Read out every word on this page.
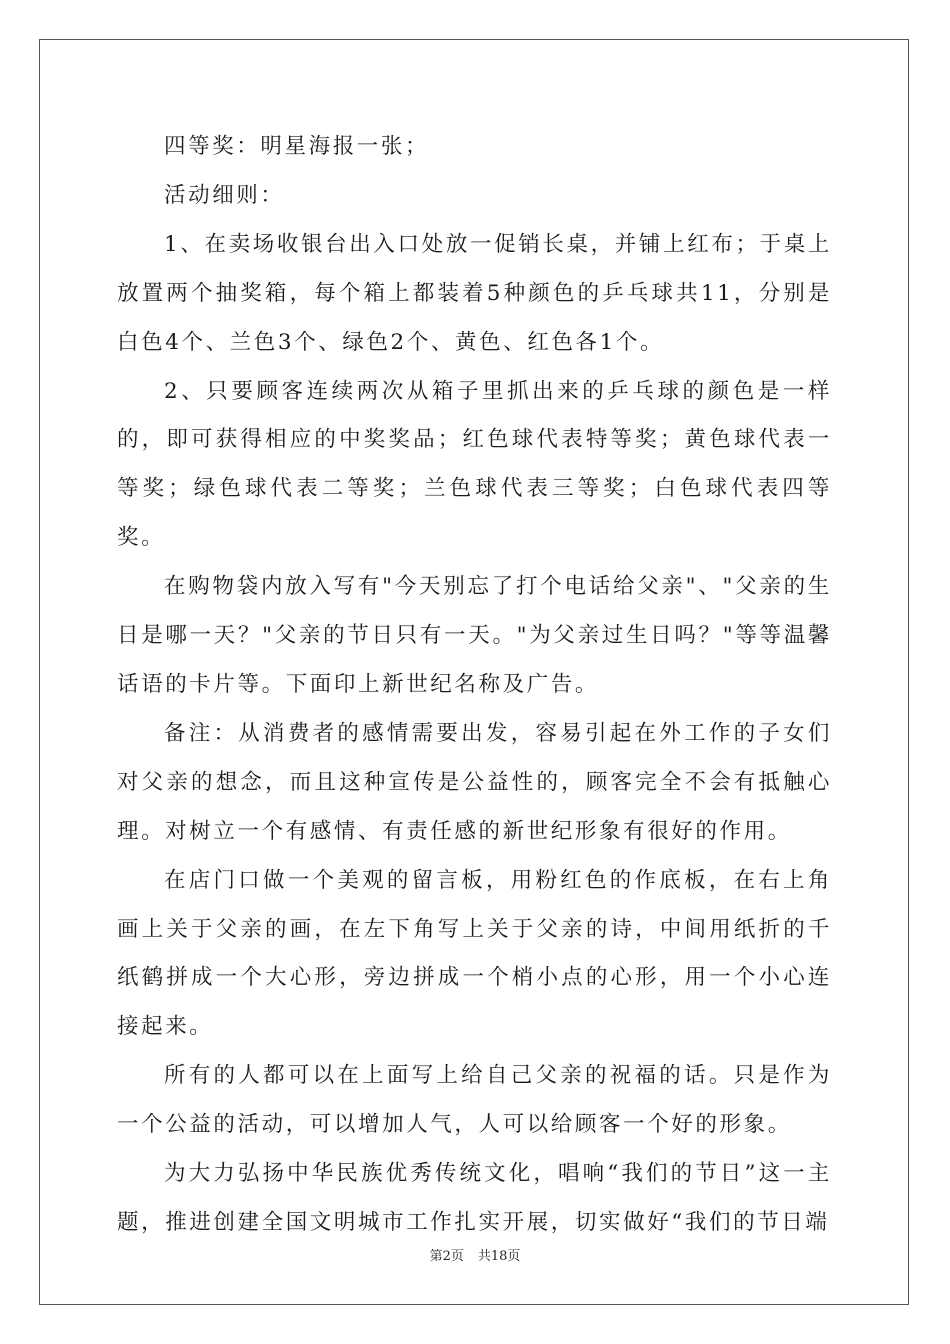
四等奖：明星海报一张；

活动细则：

1、在卖场收银台出入口处放一促销长桌，并铺上红布；于桌上放置两个抽奖箱，每个箱上都装着5种颜色的乒乓球共11，分别是白色4个、兰色3个、绿色2个、黄色、红色各1个。

2、只要顾客连续两次从箱子里抓出来的乒乓球的颜色是一样的，即可获得相应的中奖奖品；红色球代表特等奖；黄色球代表一等奖；绿色球代表二等奖；兰色球代表三等奖；白色球代表四等奖。

在购物袋内放入写有"今天别忘了打个电话给父亲"、"父亲的生日是哪一天？"父亲的节日只有一天。"为父亲过生日吗？"等等温馨话语的卡片等。下面印上新世纪名称及广告。

备注：从消费者的感情需要出发，容易引起在外工作的子女们对父亲的想念，而且这种宣传是公益性的，顾客完全不会有抵触心理。对树立一个有感情、有责任感的新世纪形象有很好的作用。

在店门口做一个美观的留言板，用粉红色的作底板，在右上角画上关于父亲的画，在左下角写上关于父亲的诗，中间用纸折的千纸鹤拼成一个大心形，旁边拼成一个梢小点的心形，用一个小心连接起来。

所有的人都可以在上面写上给自己父亲的祝福的话。只是作为一个公益的活动，可以增加人气，人可以给顾客一个好的形象。

为大力弘扬中华民族优秀传统文化，唱响“我们的节日”这一主题，推进创建全国文明城市工作扎实开展，切实做好“我们的节日端

第2页 共18页
